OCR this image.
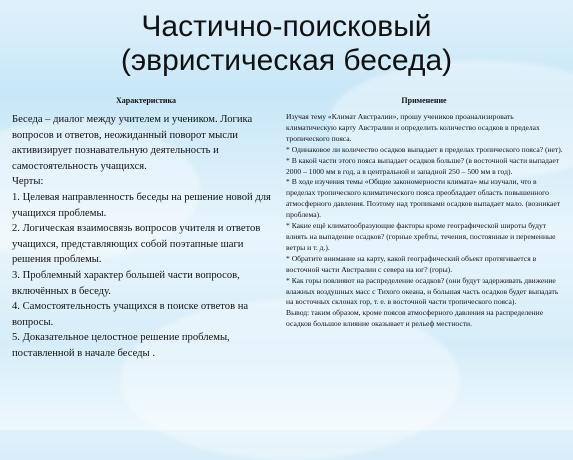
Частично-поисковый
(эвристическая беседа)
Характеристика	Применение

Беседа – диалог между учителем и учеником. Логика вопросов и ответов, неожиданный поворот мысли активизирует познавательную деятельность и самостоятельность учащихся.

Черты:

1. Целевая направленность беседы на решение новой для учащихся проблемы.

2. Логическая взаимосвязь вопросов учителя и ответов учащихся, представляющих собой поэтапные шаги решения проблемы.

3. Проблемный характер большей части вопросов, включённых в беседу.

4. Самостоятельность учащихся в поиске ответов на вопросы.

5. Доказательное целостное решение проблемы, поставленной в начале беседы .

Изучая тему «Климат Австралии», прошу учеников проанализировать климатическую карту Австралии и определить количество осадков в пределах тропического пояса.

* Одинаковое ли количество осадков выпадает в пределах тропического пояса? (нет).

* В какой части этого пояса выпадает осадков больше? (в восточной части выпадает 2000 – 1000 мм в год, а в центральной и западной 250 – 500 мм в год).

* В ходе изучения темы «Общие закономерности климата» мы изучали, что в пределах тропического климатического пояса преобладает область повышенного атмосферного давления. Поэтому над тропиками осадков выпадает мало. (возникает проблема).

* Какие ещё климатообразующие факторы кроме географической широты будут влиять на выпадение осадков? (горные хребты, течения, постоянные и переменные ветры и т. д.).

* Обратите внимание на карту, какой географический объект протягивается в восточной части Австралии с севера на юг? (горы).

* Как горы повлияют на распределение осадков? (они будут задерживать движение влажных воздушных масс с Тихого океана, и большая часть осадков будет выпадать на восточных склонах гор, т. е. в восточной части тропического пояса).

Вывод: таким образом, кроме поясов атмосферного давления на распределение осадков большое влияние оказывает и рельеф местности.
